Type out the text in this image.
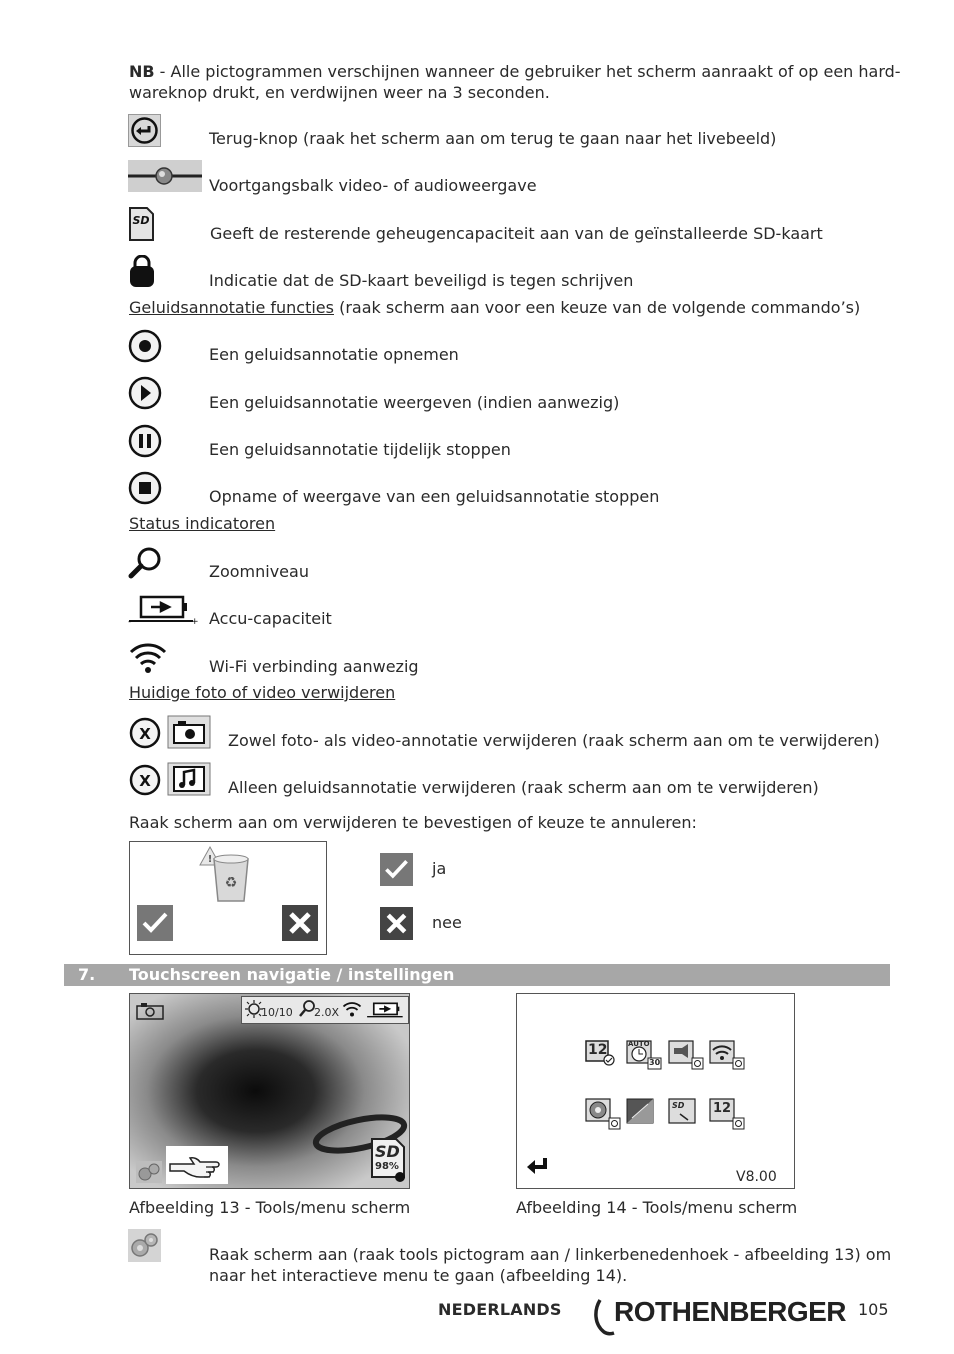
NB - Alle pictogrammen verschijnen wanneer de gebruiker het scherm aanraakt of op een hard-
wareknop drukt, en verdwijnen weer na 3 seconden.
Terug-knop (raak het scherm aan om terug te gaan naar het livebeeld)
Voortgangsbalk video- of audioweergave
SD
Geeft de resterende geheugencapaciteit aan van de geïnstalleerde SD-kaart
Indicatie dat de SD-kaart beveiligd is tegen schrijven
Geluidsannotatie functies (raak scherm aan voor een keuze van de volgende commando’s)
Een geluidsannotatie opnemen
Een geluidsannotatie weergeven (indien aanwezig)
Een geluidsannotatie tijdelijk stoppen
Opname of weergave van een geluidsannotatie stoppen
Status indicatoren
Zoomniveau
-	+ Accu-capaciteit
Wi-Fi verbinding aanwezig
Huidige foto of video verwijderen
X	Zowel foto- als video-annotatie verwijderen (raak scherm aan om te verwijderen)
X	Alleen geluidsannotatie verwijderen (raak scherm aan om te verwijderen)
Raak scherm aan om verwijderen te bevestigen of keuze te annuleren:
!
♻
ja
nee
7. Touchscreen navigatie / instellingen
10/10 2.0X
SD
98%
Afbeelding 13 - Tools/menu scherm
12	AUTO
30
SD 12
V8.00
Afbeelding 14 - Tools/menu scherm
Raak scherm aan (raak tools pictogram aan / linkerbenedenhoek - afbeelding 13) om
naar het interactieve menu te gaan (afbeelding 14).
NEDERLANDS ROTHENBERGER 105
